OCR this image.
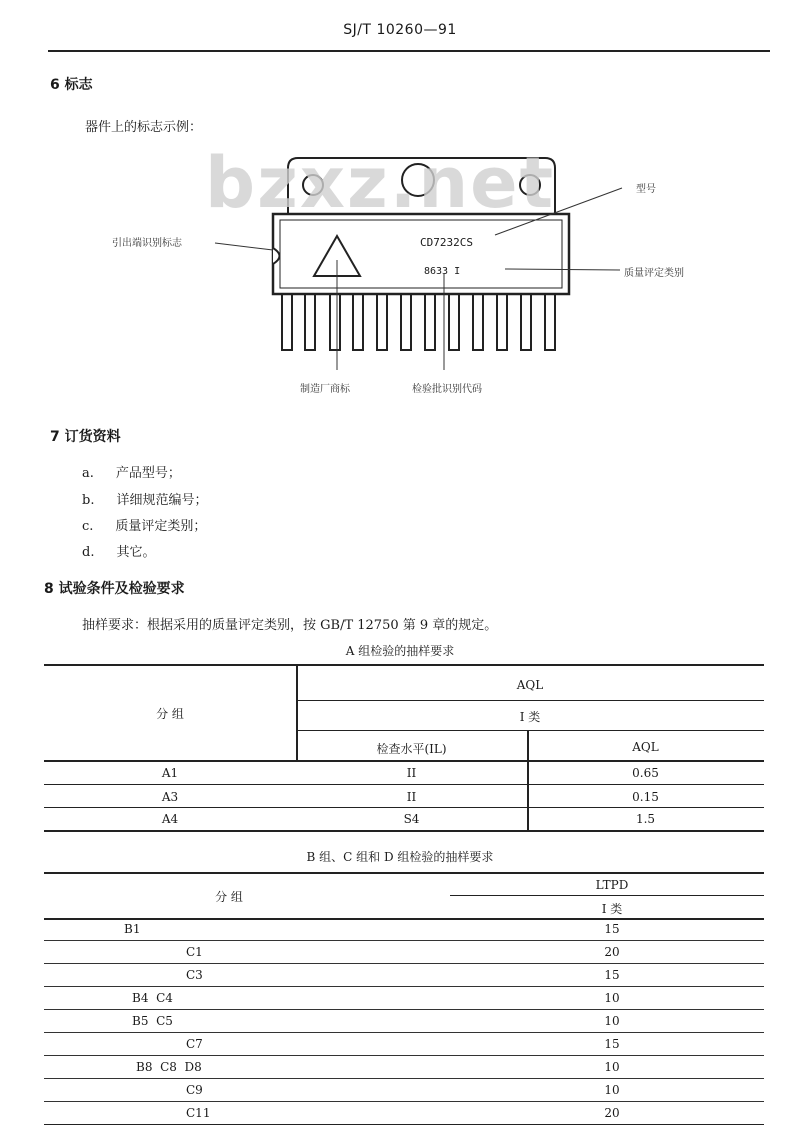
SJ/T 10260—91
6 标志
器件上的标志示例：
bzxz.net
CD7232CS
8633 I
型号
引出端识别标志
质量评定类别
制造厂商标	检验批识别代码
7 订货资料
a. 产品型号；
b. 详细规范编号；
c. 质量评定类别；
d. 其它。
8 试验条件及检验要求
抽样要求：根据采用的质量评定类别，按 GB/T 12750 第 9 章的规定。
A 组检验的抽样要求
分 组
AQL
I 类
检查水平(IL)	AQL
A1	II	0.65
A3	II	0.15
A4	S4	1.5
B 组、C 组和 D 组检验的抽样要求
分 组
LTPD
I 类
B1	15
C1	20
C3	15
B4  C4	10
B5  C5	10
C7	15
B8  C8  D8	10
C9	10
C11	20
